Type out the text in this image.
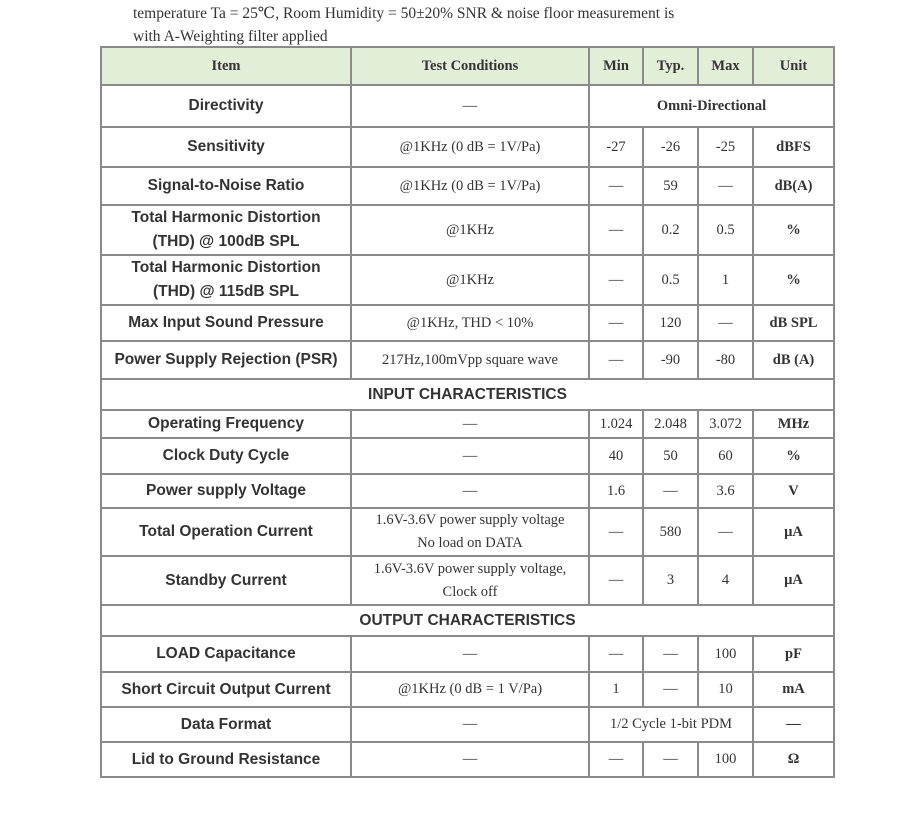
temperature Ta = 25℃, Room Humidity = 50±20% SNR & noise floor measurement is
with A-Weighting filter applied
Item	Test Conditions	Min	Typ.	Max	Unit
Directivity	—	Omni-Directional			
Sensitivity	@1KHz (0 dB = 1V/Pa)	-27	-26	-25	dBFS
Signal-to-Noise Ratio	@1KHz (0 dB = 1V/Pa)	—	59	—	dB(A)

Total Harmonic Distortion
(THD) @ 100dB SPL	@1KHz	—	0.2	0.5	%

Total Harmonic Distortion
(THD) @ 115dB SPL	@1KHz	—	0.5	1	%
Max Input Sound Pressure	@1KHz, THD < 10%	—	120	—	dB SPL
Power Supply Rejection (PSR)	217Hz,100mVpp square wave	—	-90	-80	dB (A)
INPUT CHARACTERISTICS					
Operating Frequency	—	1.024	2.048	3.072	MHz
Clock Duty Cycle	—	40	50	60	%
Power supply Voltage	—	1.6	—	3.6	V
Total Operation Current	1.6V-3.6V power supply voltage
No load on DATA	—	580	—	µA
Standby Current	1.6V-3.6V power supply voltage,
Clock off	—	3	4	µA
OUTPUT CHARACTERISTICS					
LOAD Capacitance	—	—	—	100	pF
Short Circuit Output Current	@1KHz (0 dB = 1 V/Pa)	1	—	10	mA
Data Format	—	1/2 Cycle 1-bit PDM			—
Lid to Ground Resistance	—	—	—	100	Ω
